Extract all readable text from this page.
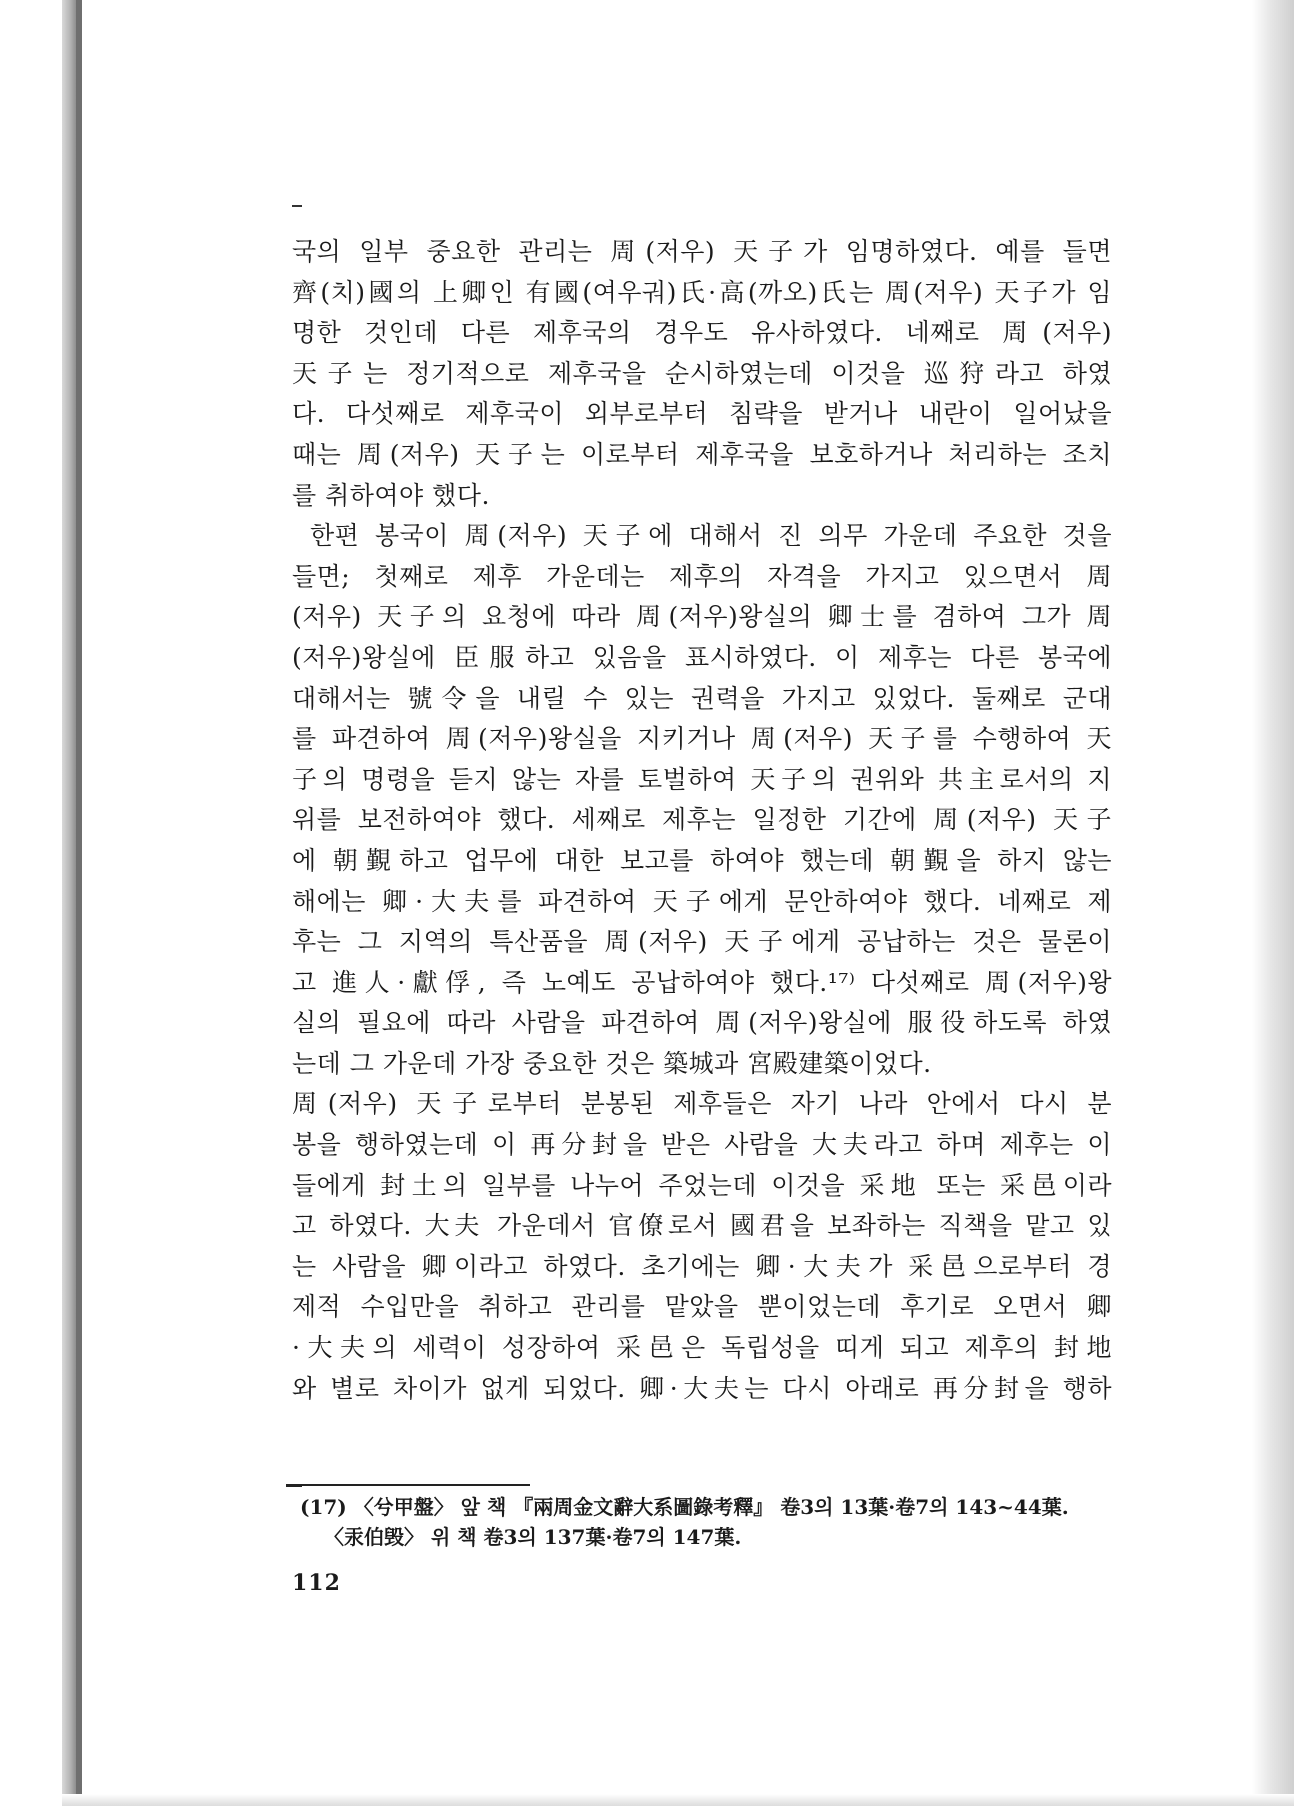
국의 일부 중요한 관리는 周(저우) 天子가 임명하였다. 예를 들면
齊(치)國의 上卿인 有國(여우궈)氏·高(까오)氏는 周(저우) 天子가 임
명한 것인데 다른 제후국의 경우도 유사하였다. 네째로 周(저우)
天子는 정기적으로 제후국을 순시하였는데 이것을 巡狩라고 하였
다. 다섯째로 제후국이 외부로부터 침략을 받거나 내란이 일어났을
때는 周(저우) 天子는 이로부터 제후국을 보호하거나 처리하는 조치
를 취하여야 했다.
한편 봉국이 周(저우) 天子에 대해서 진 의무 가운데 주요한 것을
들면; 첫째로 제후 가운데는 제후의 자격을 가지고 있으면서 周
(저우) 天子의 요청에 따라 周(저우)왕실의 卿士를 겸하여 그가 周
(저우)왕실에 臣服하고 있음을 표시하였다. 이 제후는 다른 봉국에
대해서는 號令을 내릴 수 있는 권력을 가지고 있었다. 둘째로 군대
를 파견하여 周(저우)왕실을 지키거나 周(저우) 天子를 수행하여 天
子의 명령을 듣지 않는 자를 토벌하여 天子의 권위와 共主로서의 지
위를 보전하여야 했다. 세째로 제후는 일정한 기간에 周(저우) 天子
에 朝覲하고 업무에 대한 보고를 하여야 했는데 朝覲을 하지 않는
해에는 卿·大夫를 파견하여 天子에게 문안하여야 했다. 네째로 제
후는 그 지역의 특산품을 周(저우) 天子에게 공납하는 것은 물론이
고 進人·獻俘, 즉 노예도 공납하여야 했다.¹⁷⁾ 다섯째로 周(저우)왕
실의 필요에 따라 사람을 파견하여 周(저우)왕실에 服役하도록 하였
는데 그 가운데 가장 중요한 것은 築城과 宮殿建築이었다.
周(저우) 天子로부터 분봉된 제후들은 자기 나라 안에서 다시 분
봉을 행하였는데 이 再分封을 받은 사람을 大夫라고 하며 제후는 이
들에게 封土의 일부를 나누어 주었는데 이것을 采地 또는 采邑이라
고 하였다. 大夫 가운데서 官僚로서 國君을 보좌하는 직책을 맡고 있
는 사람을 卿이라고 하였다. 초기에는 卿·大夫가 采邑으로부터 경
제적 수입만을 취하고 관리를 맡았을 뿐이었는데 후기로 오면서 卿
·大夫의 세력이 성장하여 采邑은 독립성을 띠게 되고 제후의 封地
와 별로 차이가 없게 되었다. 卿·大夫는 다시 아래로 再分封을 행하
(17) 〈兮甲盤〉 앞 책 『兩周金文辭大系圖錄考釋』 卷3의 13葉·卷7의 143~44葉.
〈汞伯毁〉 위 책 卷3의 137葉·卷7의 147葉.
112
